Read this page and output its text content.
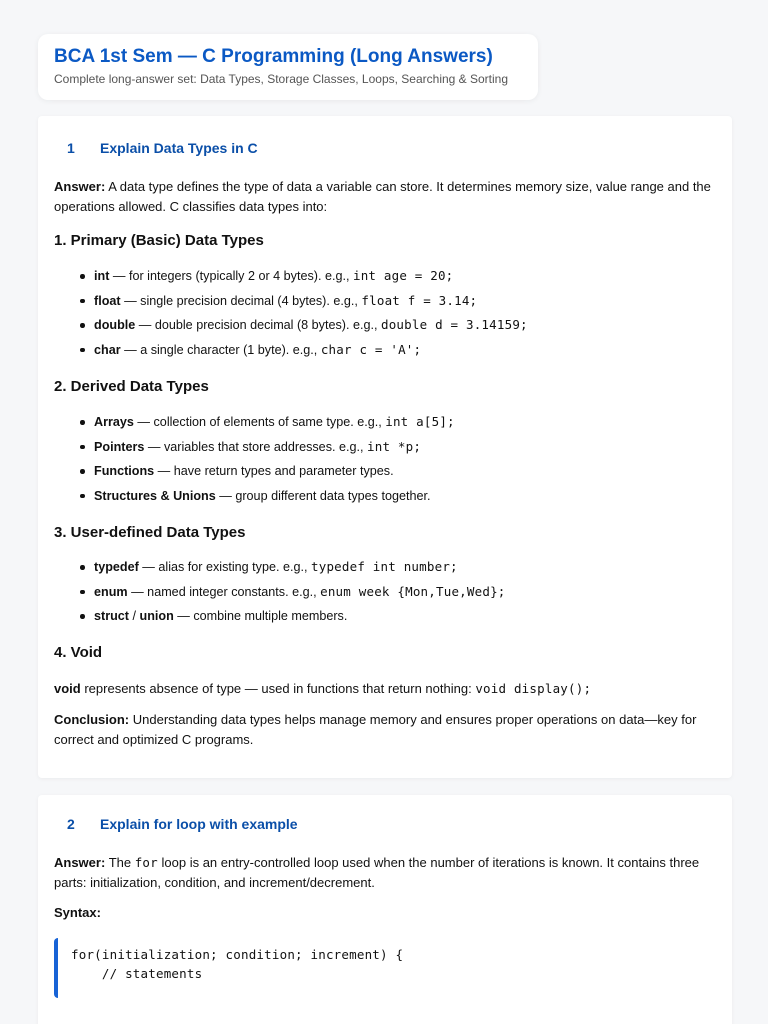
BCA 1st Sem — C Programming (Long Answers)
Complete long-answer set: Data Types, Storage Classes, Loops, Searching & Sorting
1 Explain Data Types in C
Answer: A data type defines the type of data a variable can store. It determines memory size, value range and the operations allowed. C classifies data types into:
1. Primary (Basic) Data Types
int — for integers (typically 2 or 4 bytes). e.g., int age = 20;
float — single precision decimal (4 bytes). e.g., float f = 3.14;
double — double precision decimal (8 bytes). e.g., double d = 3.14159;
char — a single character (1 byte). e.g., char c = 'A';
2. Derived Data Types
Arrays — collection of elements of same type. e.g., int a[5];
Pointers — variables that store addresses. e.g., int *p;
Functions — have return types and parameter types.
Structures & Unions — group different data types together.
3. User-defined Data Types
typedef — alias for existing type. e.g., typedef int number;
enum — named integer constants. e.g., enum week {Mon,Tue,Wed};
struct / union — combine multiple members.
4. Void
void represents absence of type — used in functions that return nothing: void display();
Conclusion: Understanding data types helps manage memory and ensures proper operations on data—key for correct and optimized C programs.
2 Explain for loop with example
Answer: The for loop is an entry-controlled loop used when the number of iterations is known. It contains three parts: initialization, condition, and increment/decrement.
Syntax:
for(initialization; condition; increment) {
// statements
